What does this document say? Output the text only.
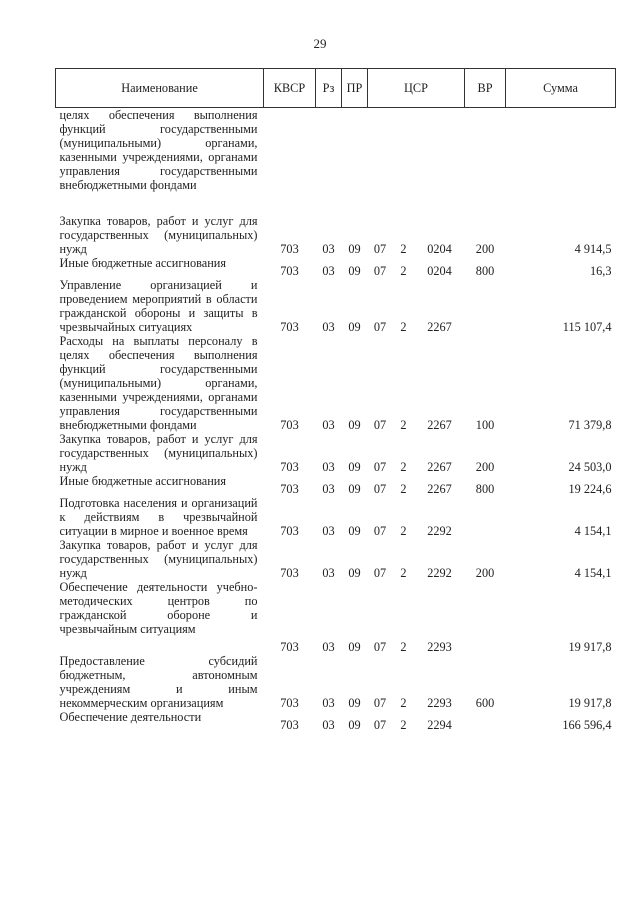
29
Наименование	КВСР	Рз	ПР	ЦСР			ВР	Сумма
целях обеспечения выполнения функций государственными (муниципальными) органами, казенными учреждениями, органами управления государственными внебюджетными фондами								
Закупка товаров, работ и услуг для государственных (муниципальных) нужд	703	03	09	07	2	0204	200	4 914,5
Иные бюджетные ассигнования	703	03	09	07	2	0204	800	16,3
Управление организацией и проведением мероприятий в области гражданской обороны и защиты в чрезвычайных ситуациях	703	03	09	07	2	2267		115 107,4
Расходы на выплаты персоналу в целях обеспечения выполнения функций государственными (муниципальными) органами, казенными учреждениями, органами управления государственными внебюджетными фондами	703	03	09	07	2	2267	100	71 379,8
Закупка товаров, работ и услуг для государственных (муниципальных) нужд	703	03	09	07	2	2267	200	24 503,0
Иные бюджетные ассигнования	703	03	09	07	2	2267	800	19 224,6
Подготовка населения и организаций к действиям в чрезвычайной ситуации в мирное и военное время	703	03	09	07	2	2292		4 154,1
Закупка товаров, работ и услуг для государственных (муниципальных) нужд	703	03	09	07	2	2292	200	4 154,1
Обеспечение деятельности учебно-методических центров по гражданской обороне и чрезвычайным ситуациям	703	03	09	07	2	2293		19 917,8
Предоставление субсидий бюджетным, автономным учреждениям и иным некоммерческим организациям	703	03	09	07	2	2293	600	19 917,8
Обеспечение деятельности	703	03	09	07	2	2294		166 596,4
